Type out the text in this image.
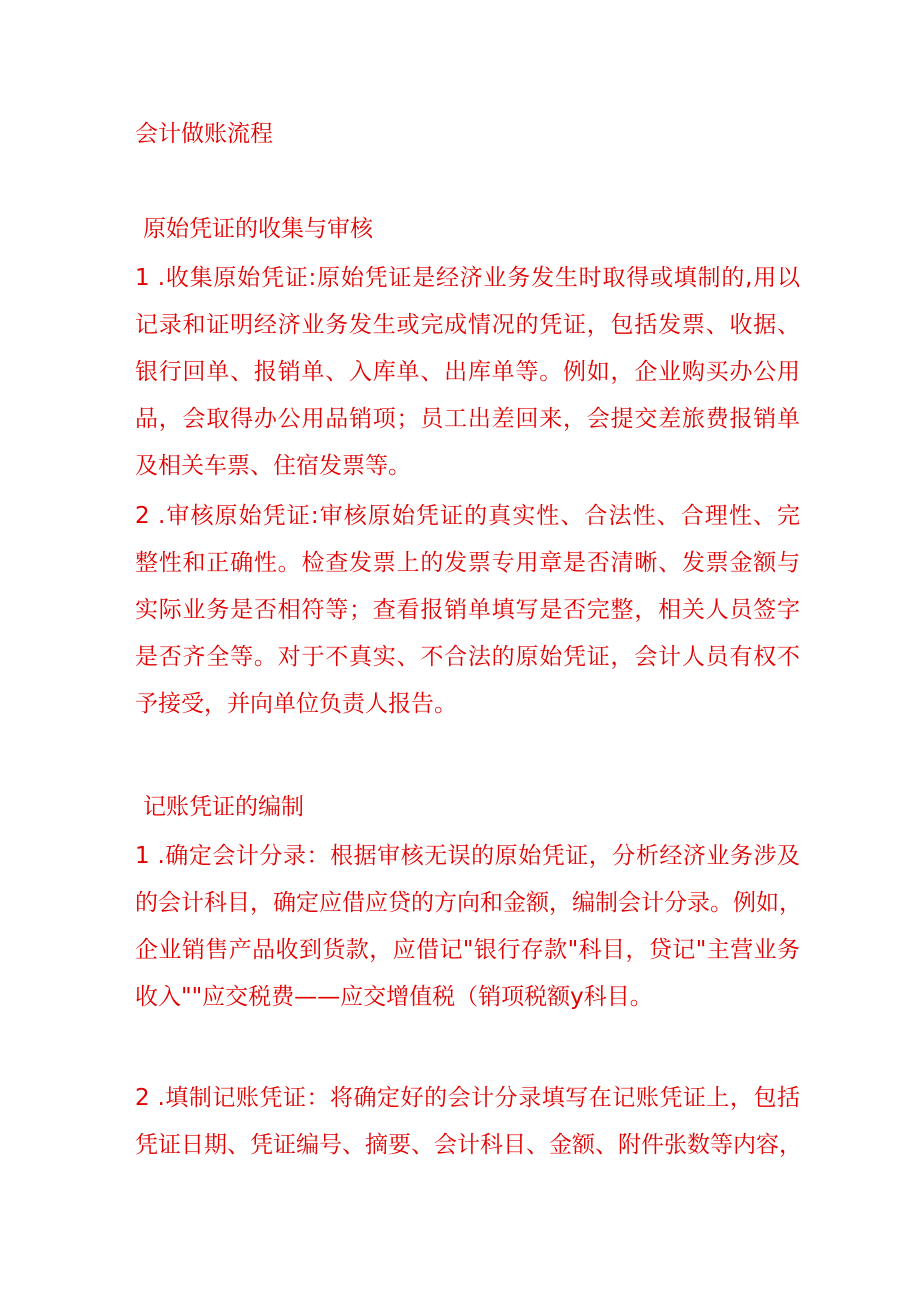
会计做账流程
原始凭证的收集与审核
1 .收集原始凭证:原始凭证是经济业务发生时取得或填制的,用以
记录和证明经济业务发生或完成情况的凭证，包括发票、收据、
银行回单、报销单、入库单、出库单等。例如，企业购买办公用
品，会取得办公用品销项；员工出差回来，会提交差旅费报销单
及相关车票、住宿发票等。
2 .审核原始凭证:审核原始凭证的真实性、合法性、合理性、完
整性和正确性。检查发票上的发票专用章是否清晰、发票金额与
实际业务是否相符等；查看报销单填写是否完整，相关人员签字
是否齐全等。对于不真实、不合法的原始凭证，会计人员有权不
予接受，并向单位负责人报告。
记账凭证的编制
1 .确定会计分录：根据审核无误的原始凭证，分析经济业务涉及
的会计科目，确定应借应贷的方向和金额，编制会计分录。例如，
企业销售产品收到货款，应借记"银行存款"科目，贷记"主营业务
收入""应交税费——应交增值税（销项税额y科目。
2 .填制记账凭证：将确定好的会计分录填写在记账凭证上，包括
凭证日期、凭证编号、摘要、会计科目、金额、附件张数等内容，
